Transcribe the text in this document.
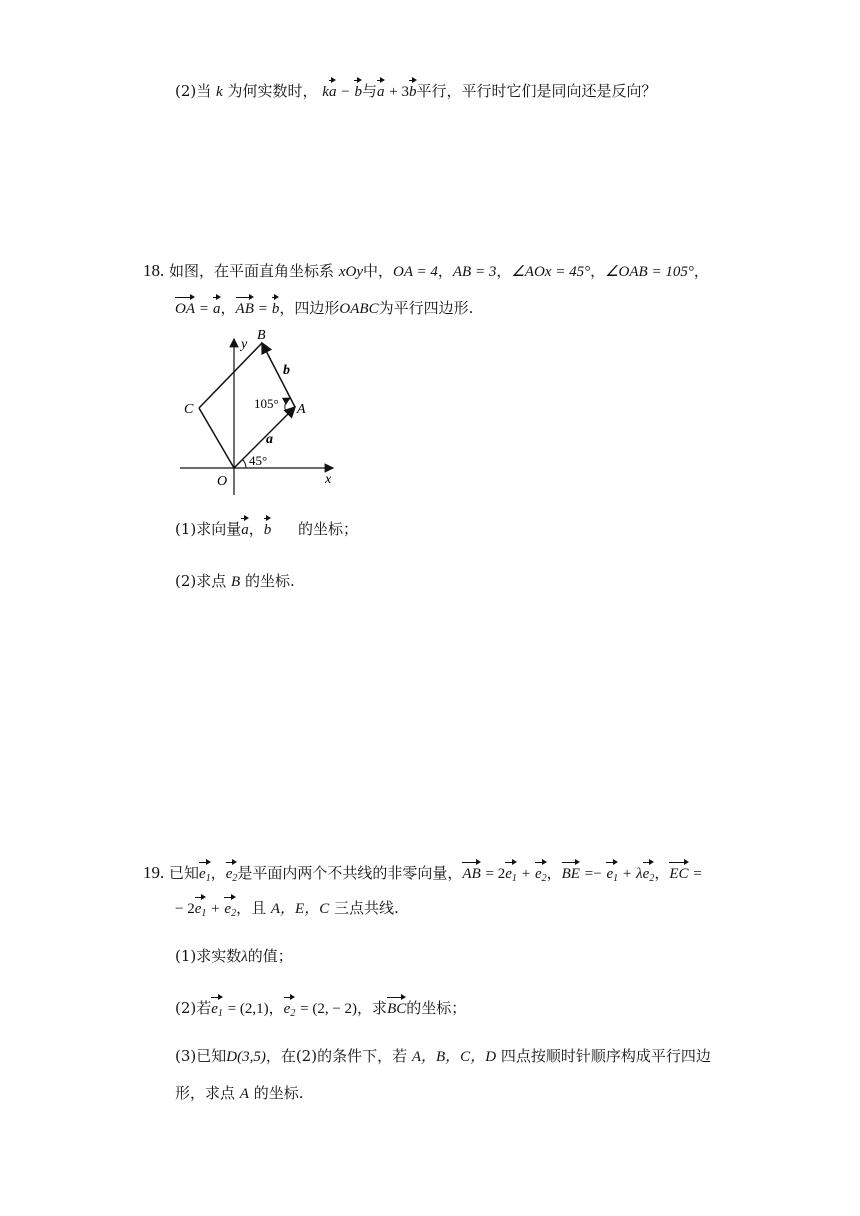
(2)当 k 为何实数时， ka − b与a + 3b平行，平行时它们是同向还是反向？
18. 如图，在平面直角坐标系 xOy中，OA = 4，AB = 3，∠AOx = 45°，∠OAB = 105°，
OA = a，AB = b，四边形OABC为平行四边形.
B
C	A
O	x
y
b
a
105°
45°
(1)求向量a，b 的坐标；
(2)求点 B 的坐标.
19. 已知$e_1$，$e_2$是平面内两个不共线的非零向量，AB = $2e_1 + e_2$，BE =− $e_1 + \lambda e_2$，EC =
− $2e_1 + e_2$，且 A，E，C 三点共线.
(1)求实数λ的值；
(2)若$e_1 = (2,1)$，$e_2 = (2$, − 2)，求BC的坐标；
(3)已知D(3,5)，在(2)的条件下，若 A，B，C，D 四点按顺时针顺序构成平行四边
形，求点 A 的坐标.
